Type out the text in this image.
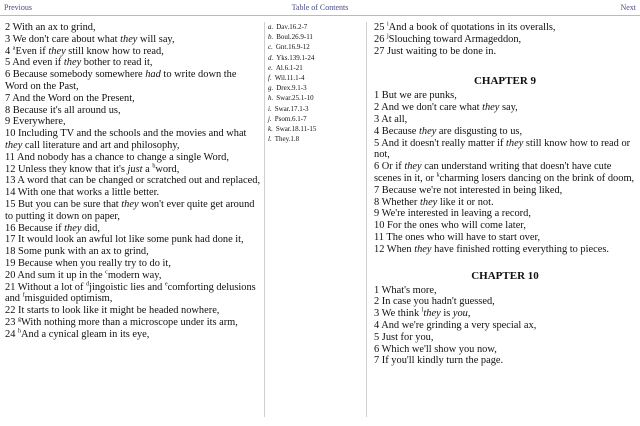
Previous	Table of Contents	Next
2 With an ax to grind,
3 We don't care about what they will say,
4 $^a$Even if they still know how to read,
5 And even if they bother to read it,
6 Because somebody somewhere had to write down the Word on the Past,
7 And the Word on the Present,
8 Because it's all around us,
9 Everywhere,
10 Including TV and the schools and the movies and what they call literature and art and philosophy,
11 And nobody has a chance to change a single Word,
12 Unless they know that it's just a $^b$word,
13 A word that can be changed or scratched out and replaced,
14 With one that works a little better.
15 But you can be sure that they won't ever quite get around to putting it down on paper,
16 Because if they did,
17 It would look an awful lot like some punk had done it,
18 Some punk with an ax to grind,
19 Because when you really try to do it,
20 And sum it up in the $^c$modern way,
21 Without a lot of $^d$jingoistic lies and $^e$comforting delusions and $^f$misguided optimism,
22 It starts to look like it might be headed nowhere,
23 $^g$With nothing more than a microscope under its arm,
24 $^h$And a cynical gleam in its eye,
a. Dav.16.2-7
b. Boul.26.9-11
c. Gnt.16.9-12
d. Yks.139.1-24
e. Al.6.1-21
f. Wil.11.1-4
g. Drex.9.1-3
h. Swar.25.1-10
i. Swar.17.1-3
j. Psom.6.1-7
k. Swar.18.11-15
l. They.1.8
25 $^i$And a book of quotations in its overalls,
26 $^j$Slouching toward Armageddon,
27 Just waiting to be done in.
CHAPTER 9
1 But we are punks,
2 And we don't care what they say,
3 At all,
4 Because they are disgusting to us,
5 And it doesn't really matter if they still know how to read or not,
6 Or if they can understand writing that doesn't have cute scenes in it, or $^k$charming losers dancing on the brink of doom,
7 Because we're not interested in being liked,
8 Whether they like it or not.
9 We're interested in leaving a record,
10 For the ones who will come later,
11 The ones who will have to start over,
12 When they have finished rotting everything to pieces.
CHAPTER 10
1 What's more,
2 In case you hadn't guessed,
3 We think $^l$they is you,
4 And we're grinding a very special ax,
5 Just for you,
6 Which we'll show you now,
7 If you'll kindly turn the page.
